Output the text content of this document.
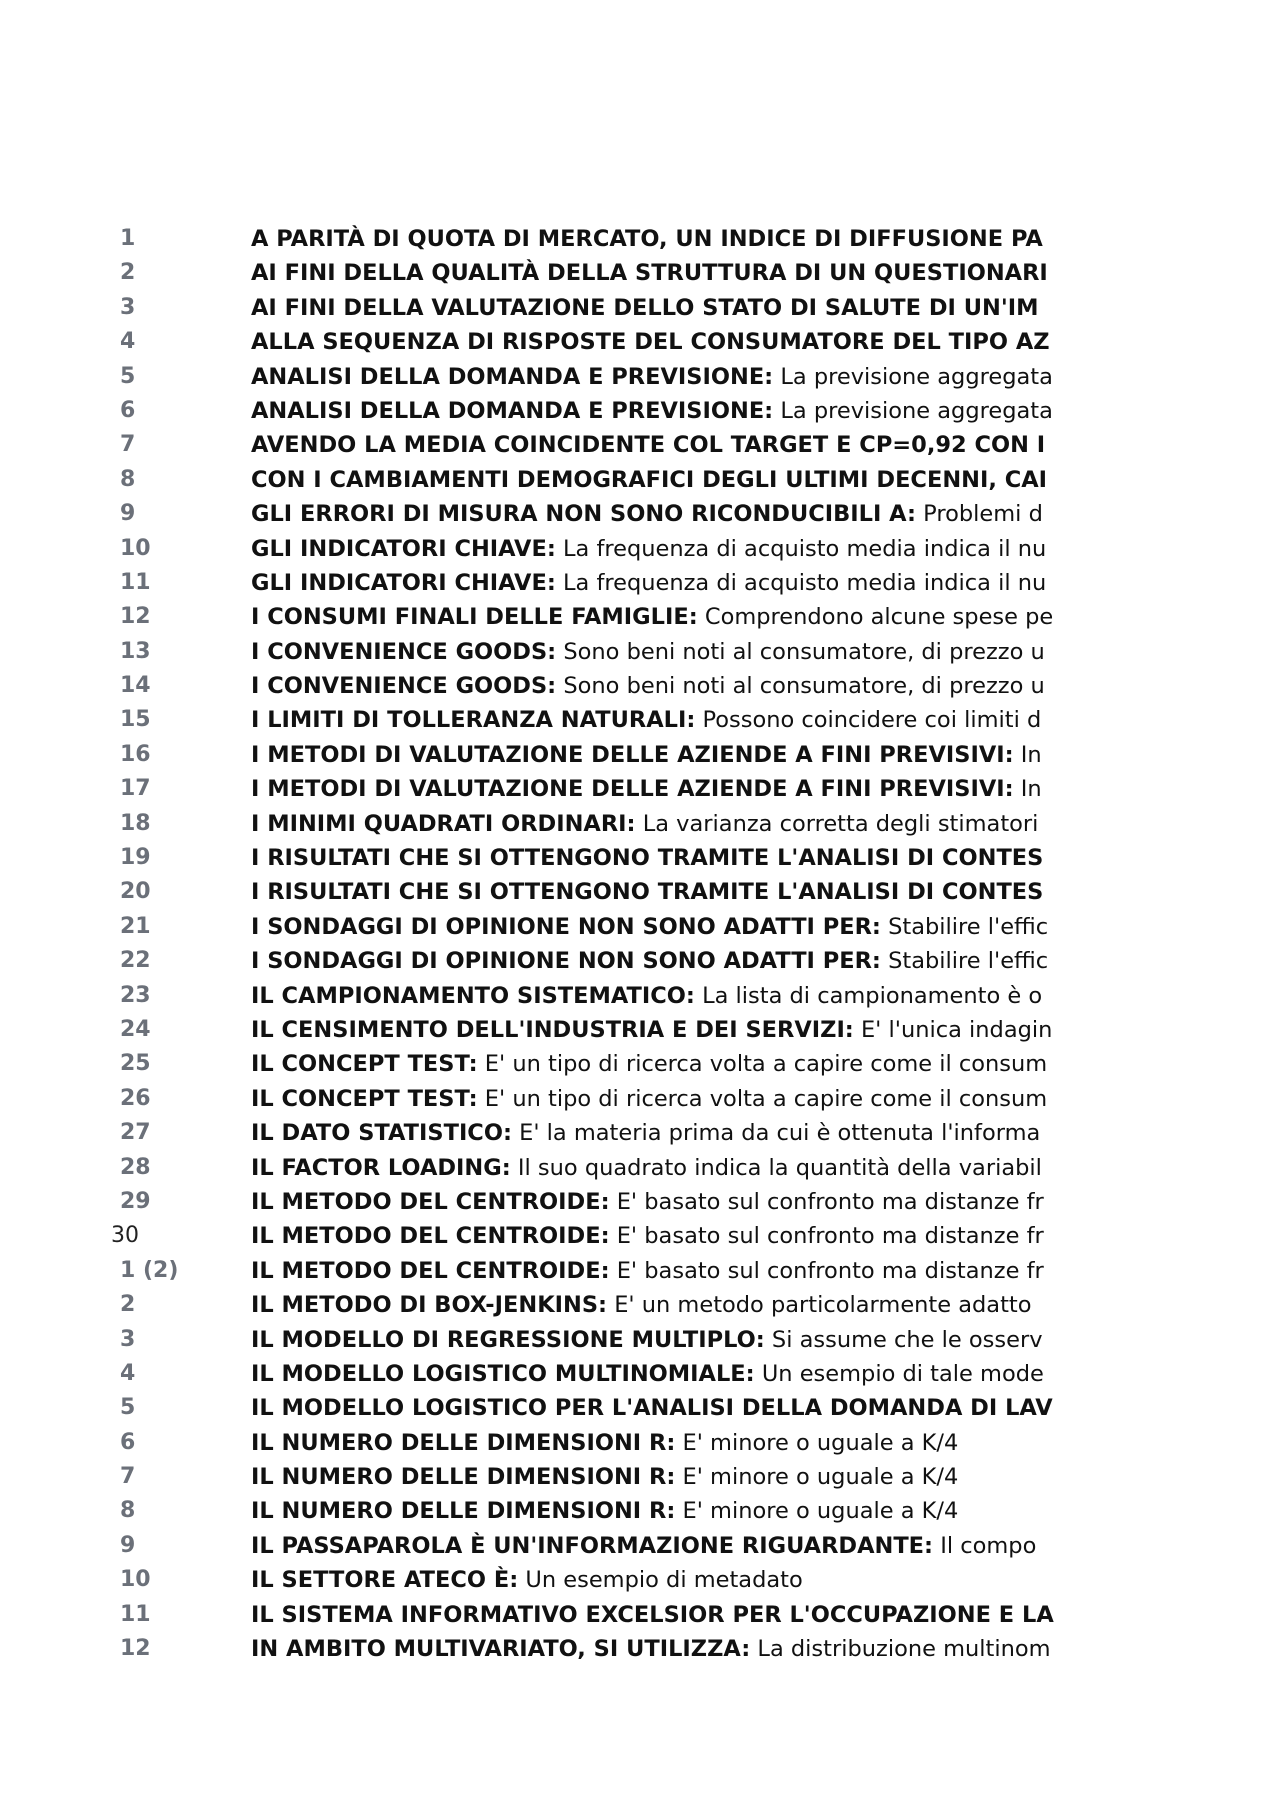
1	A PARITÀ DI QUOTA DI MERCATO, UN INDICE DI DIFFUSIONE PA
2	AI FINI DELLA QUALITÀ DELLA STRUTTURA DI UN QUESTIONARI
3	AI FINI DELLA VALUTAZIONE DELLO STATO DI SALUTE DI UN'IM
4	ALLA SEQUENZA DI RISPOSTE DEL CONSUMATORE DEL TIPO AZ
5	ANALISI DELLA DOMANDA E PREVISIONE: La previsione aggregata
6	ANALISI DELLA DOMANDA E PREVISIONE: La previsione aggregata
7	AVENDO LA MEDIA COINCIDENTE COL TARGET E CP=0,92 CON I
8	CON I CAMBIAMENTI DEMOGRAFICI DEGLI ULTIMI DECENNI, CAI
9	GLI ERRORI DI MISURA NON SONO RICONDUCIBILI A: Problemi d
10	GLI INDICATORI CHIAVE: La frequenza di acquisto media indica il nu
11	GLI INDICATORI CHIAVE: La frequenza di acquisto media indica il nu
12	I CONSUMI FINALI DELLE FAMIGLIE: Comprendono alcune spese pe
13	I CONVENIENCE GOODS: Sono beni noti al consumatore, di prezzo u
14	I CONVENIENCE GOODS: Sono beni noti al consumatore, di prezzo u
15	I LIMITI DI TOLLERANZA NATURALI: Possono coincidere coi limiti d
16	I METODI DI VALUTAZIONE DELLE AZIENDE A FINI PREVISIVI: In
17	I METODI DI VALUTAZIONE DELLE AZIENDE A FINI PREVISIVI: In
18	I MINIMI QUADRATI ORDINARI: La varianza corretta degli stimatori
19	I RISULTATI CHE SI OTTENGONO TRAMITE L'ANALISI DI CONTES
20	I RISULTATI CHE SI OTTENGONO TRAMITE L'ANALISI DI CONTES
21	I SONDAGGI DI OPINIONE NON SONO ADATTI PER: Stabilire l'effic
22	I SONDAGGI DI OPINIONE NON SONO ADATTI PER: Stabilire l'effic
23	IL CAMPIONAMENTO SISTEMATICO: La lista di campionamento è o
24	IL CENSIMENTO DELL'INDUSTRIA E DEI SERVIZI: E' l'unica indagin
25	IL CONCEPT TEST: E' un tipo di ricerca volta a capire come il consum
26	IL CONCEPT TEST: E' un tipo di ricerca volta a capire come il consum
27	IL DATO STATISTICO: E' la materia prima da cui è ottenuta l'informa
28	IL FACTOR LOADING: Il suo quadrato indica la quantità della variabil
29	IL METODO DEL CENTROIDE: E' basato sul confronto ma distanze fr
30	IL METODO DEL CENTROIDE: E' basato sul confronto ma distanze fr
1 (2)	IL METODO DEL CENTROIDE: E' basato sul confronto ma distanze fr
2	IL METODO DI BOX-JENKINS: E' un metodo particolarmente adatto
3	IL MODELLO DI REGRESSIONE MULTIPLO: Si assume che le osserv
4	IL MODELLO LOGISTICO MULTINOMIALE: Un esempio di tale mode
5	IL MODELLO LOGISTICO PER L'ANALISI DELLA DOMANDA DI LAV
6	IL NUMERO DELLE DIMENSIONI R: E' minore o uguale a K/4
7	IL NUMERO DELLE DIMENSIONI R: E' minore o uguale a K/4
8	IL NUMERO DELLE DIMENSIONI R: E' minore o uguale a K/4
9	IL PASSAPAROLA È UN'INFORMAZIONE RIGUARDANTE: Il compo
10	IL SETTORE ATECO È: Un esempio di metadato
11	IL SISTEMA INFORMATIVO EXCELSIOR PER L'OCCUPAZIONE E LA
12	IN AMBITO MULTIVARIATO, SI UTILIZZA: La distribuzione multinom
